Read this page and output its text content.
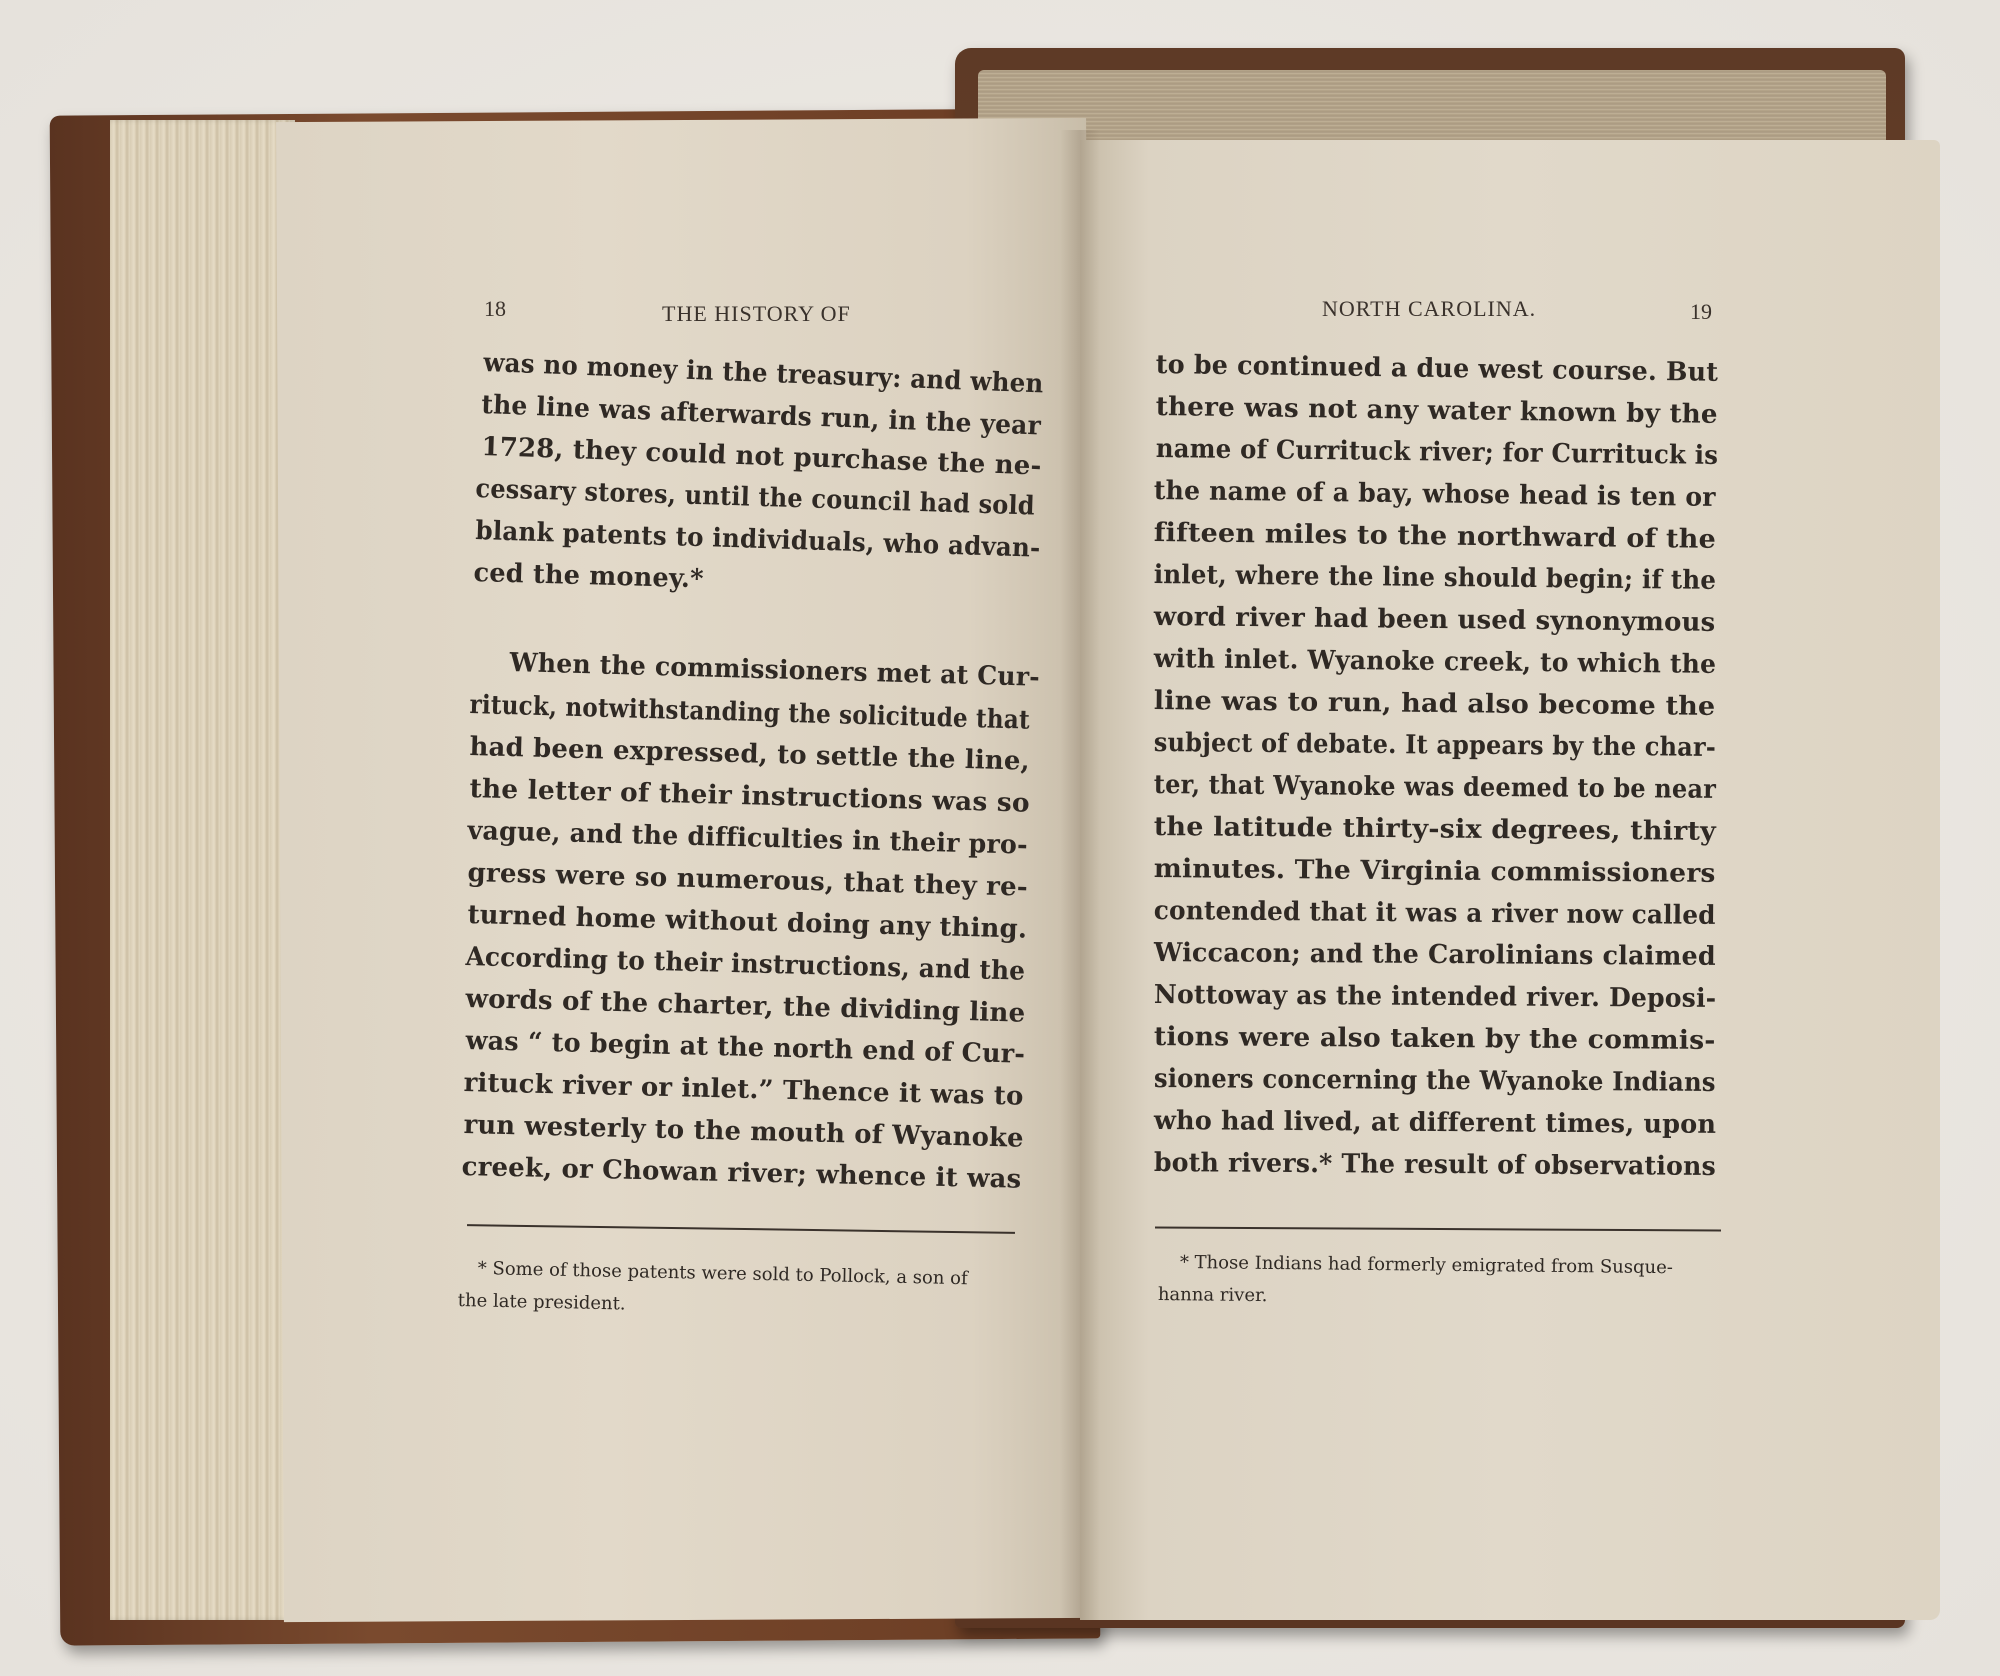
18	THE HISTORY OF
was no money in the treasury: and when
the line was afterwards run, in the year
1728, they could not purchase the ne-
cessary stores, until the council had sold
blank patents to individuals, who advan-
ced the money.*
When the commissioners met at Cur-
rituck, notwithstanding the solicitude that
had been expressed, to settle the line,
the letter of their instructions was so
vague, and the difficulties in their pro-
gress were so numerous, that they re-
turned home without doing any thing.
According to their instructions, and the
words of the charter, the dividing line
was “ to begin at the north end of Cur-
rituck river or inlet.” Thence it was to
run westerly to the mouth of Wyanoke
creek, or Chowan river; whence it was
* Some of those patents were sold to Pollock, a son of
the late president.
NORTH CAROLINA.	19
to be continued a due west course. But
there was not any water known by the
name of Currituck river; for Currituck is
the name of a bay, whose head is ten or
fifteen miles to the northward of the
inlet, where the line should begin; if the
word river had been used synonymous
with inlet. Wyanoke creek, to which the
line was to run, had also become the
subject of debate. It appears by the char-
ter, that Wyanoke was deemed to be near
the latitude thirty-six degrees, thirty
minutes. The Virginia commissioners
contended that it was a river now called
Wiccacon; and the Carolinians claimed
Nottoway as the intended river. Deposi-
tions were also taken by the commis-
sioners concerning the Wyanoke Indians
who had lived, at different times, upon
both rivers.* The result of observations
* Those Indians had formerly emigrated from Susque-
hanna river.
